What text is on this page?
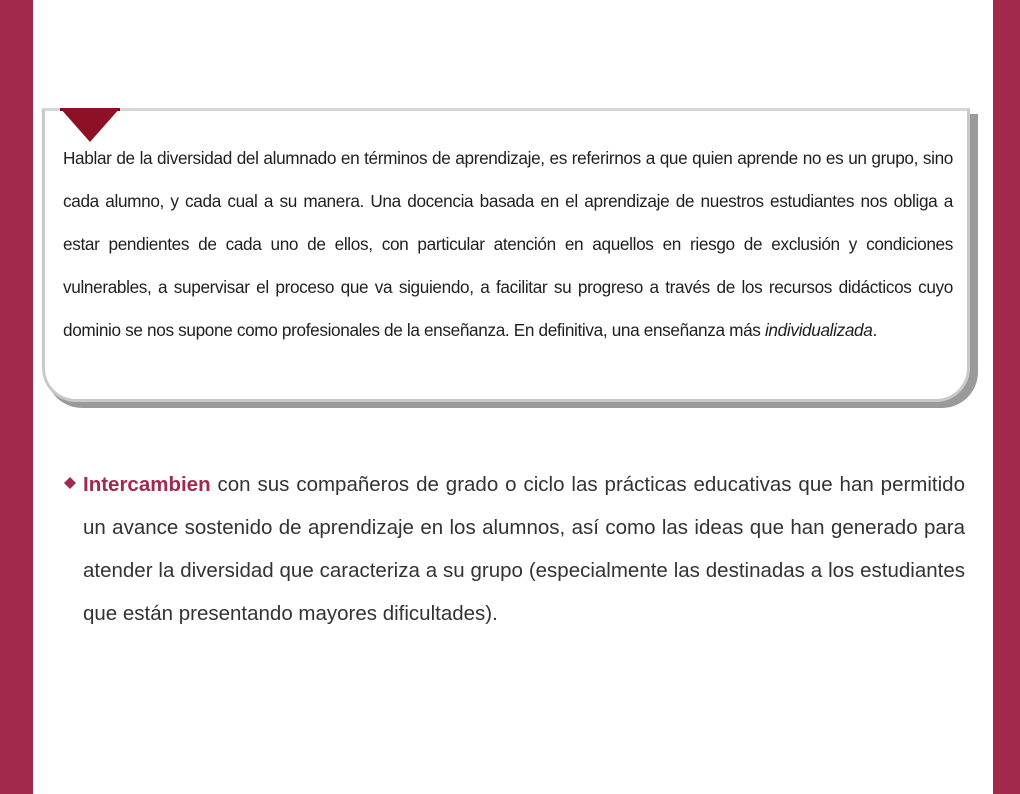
Hablar de la diversidad del alumnado en términos de aprendizaje, es referirnos a que quien aprende no es un grupo, sino cada alumno, y cada cual a su manera. Una docencia basada en el aprendizaje de nuestros estudiantes nos obliga a estar pendientes de cada uno de ellos, con particular atención en aquellos en riesgo de exclusión y condiciones vulnerables, a supervisar el proceso que va siguiendo, a facilitar su progreso a través de los recursos didácticos cuyo dominio se nos supone como profesionales de la enseñanza. En definitiva, una enseñanza más individualizada.

Intercambien con sus compañeros de grado o ciclo las prácticas educativas que han permitido un avance sostenido de aprendizaje en los alumnos, así como las ideas que han generado para atender la diversidad que caracteriza a su grupo (especialmente las destinadas a los estudiantes que están presentando mayores dificultades).
